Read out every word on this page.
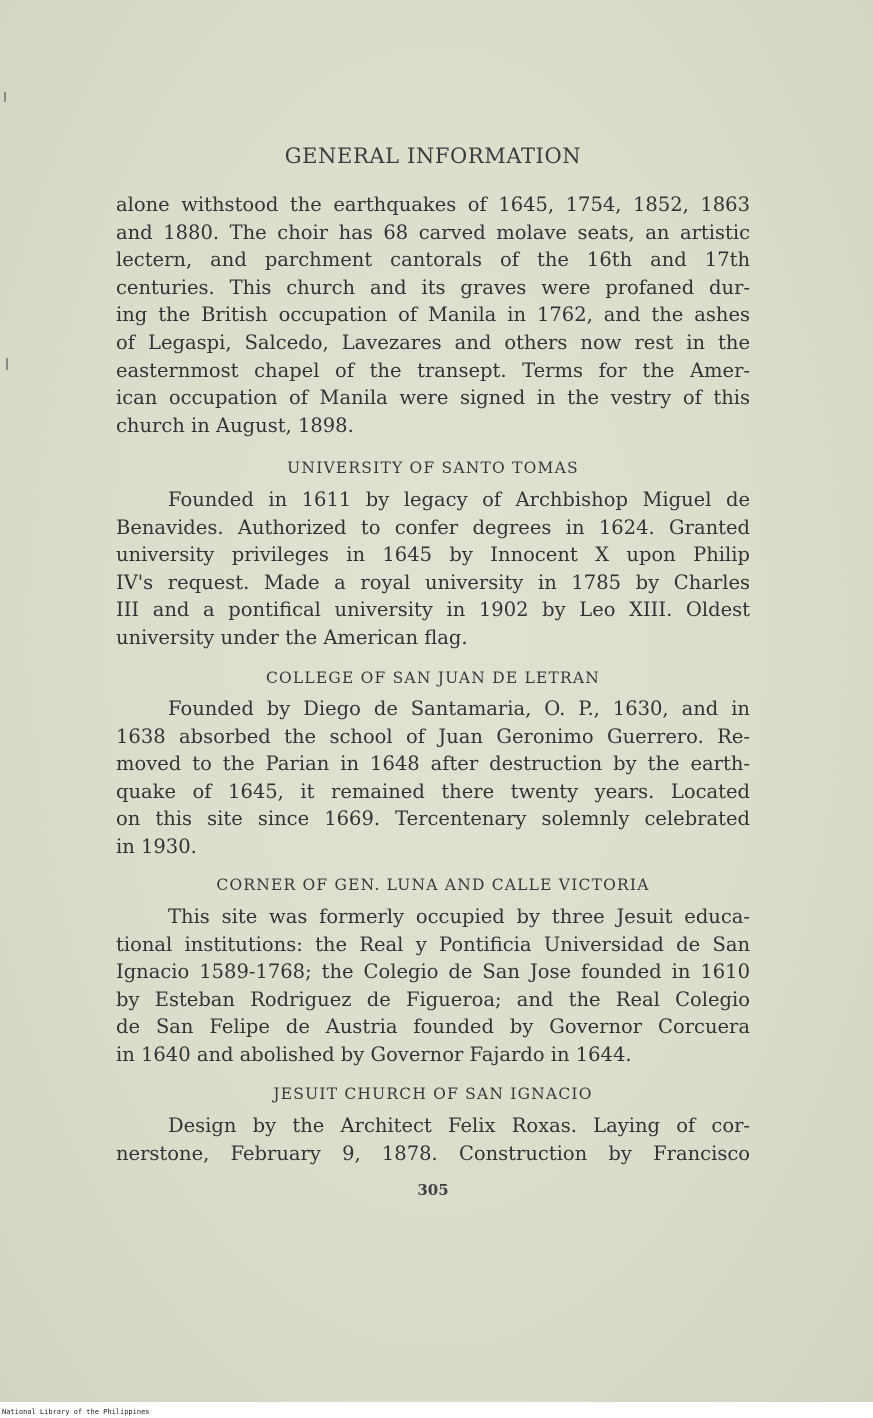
GENERAL INFORMATION
alone withstood the earthquakes of 1645, 1754, 1852, 1863
and 1880. The choir has 68 carved molave seats, an artistic
lectern, and parchment cantorals of the 16th and 17th
centuries. This church and its graves were profaned dur-
ing the British occupation of Manila in 1762, and the ashes
of Legaspi, Salcedo, Lavezares and others now rest in the
easternmost chapel of the transept. Terms for the Amer-
ican occupation of Manila were signed in the vestry of this
church in August, 1898.
UNIVERSITY OF SANTO TOMAS
Founded in 1611 by legacy of Archbishop Miguel de
Benavides. Authorized to confer degrees in 1624. Granted
university privileges in 1645 by Innocent X upon Philip
IV's request. Made a royal university in 1785 by Charles
III and a pontifical university in 1902 by Leo XIII. Oldest
university under the American flag.
COLLEGE OF SAN JUAN DE LETRAN
Founded by Diego de Santamaria, O. P., 1630, and in
1638 absorbed the school of Juan Geronimo Guerrero. Re-
moved to the Parian in 1648 after destruction by the earth-
quake of 1645, it remained there twenty years. Located
on this site since 1669. Tercentenary solemnly celebrated
in 1930.
CORNER OF GEN. LUNA AND CALLE VICTORIA
This site was formerly occupied by three Jesuit educa-
tional institutions: the Real y Pontificia Universidad de San
Ignacio 1589-1768; the Colegio de San Jose founded in 1610
by Esteban Rodriguez de Figueroa; and the Real Colegio
de San Felipe de Austria founded by Governor Corcuera
in 1640 and abolished by Governor Fajardo in 1644.
JESUIT CHURCH OF SAN IGNACIO
Design by the Architect Felix Roxas. Laying of cor-
nerstone, February 9, 1878. Construction by Francisco
305
National Library of the Philippines
